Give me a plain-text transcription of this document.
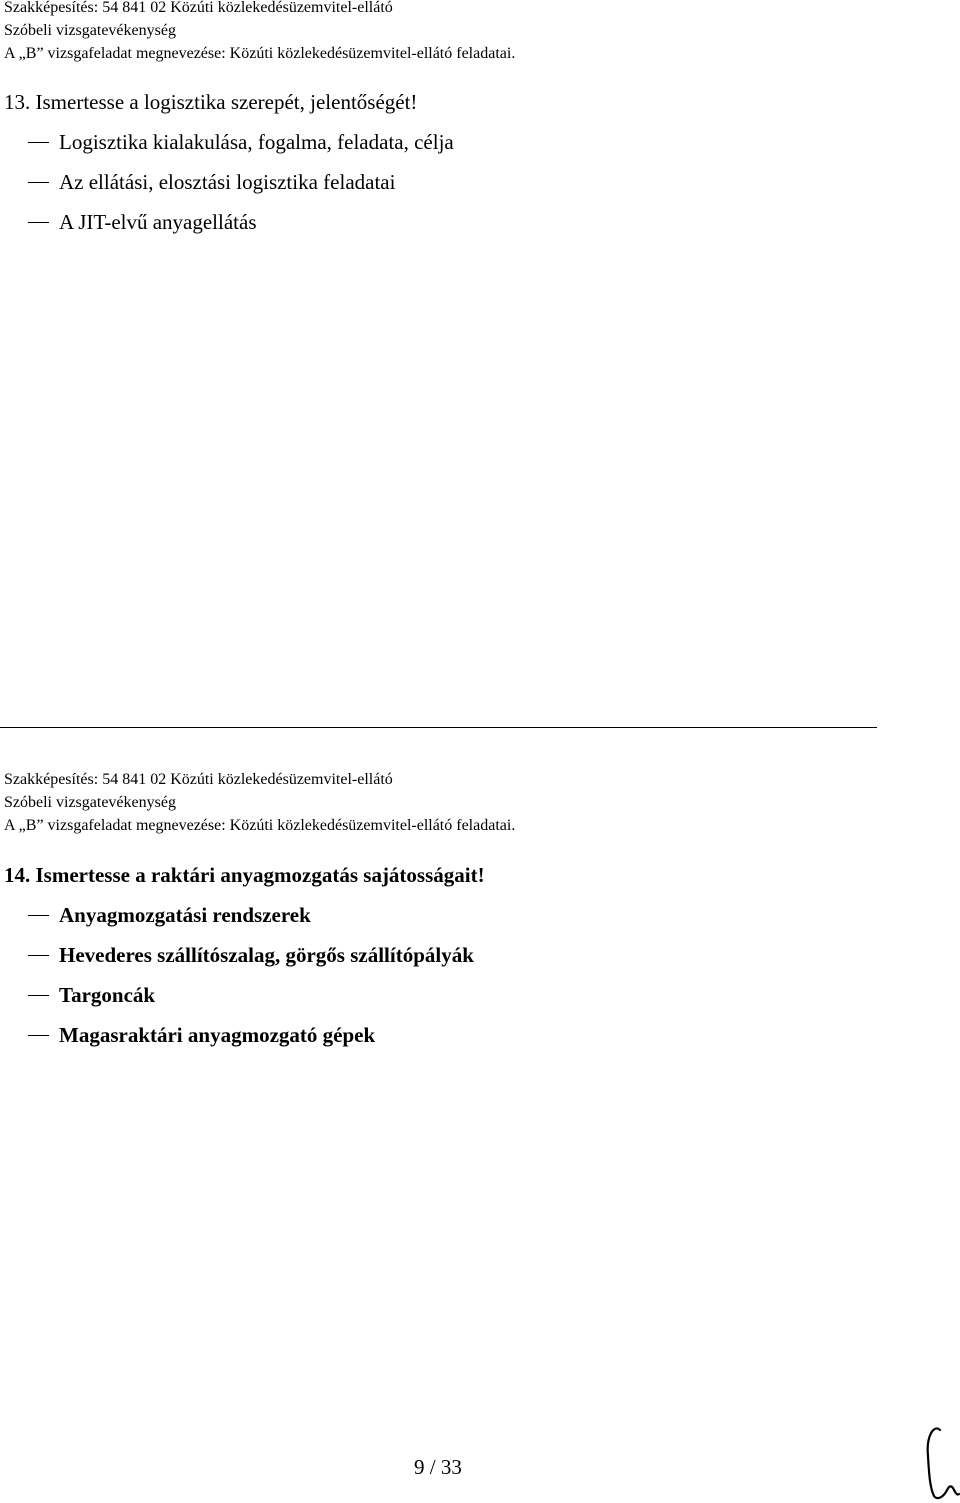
Szakképesítés: 54 841 02 Közúti közlekedésüzemvitel-ellátó
Szóbeli vizsgatevékenység
A „B” vizsgafeladat megnevezése: Közúti közlekedésüzemvitel-ellátó feladatai.
13. Ismertesse a logisztika szerepét, jelentőségét!
Logisztika kialakulása, fogalma, feladata, célja
Az ellátási, elosztási logisztika feladatai
A JIT-elvű anyagellátás
Szakképesítés: 54 841 02 Közúti közlekedésüzemvitel-ellátó
Szóbeli vizsgatevékenység
A „B” vizsgafeladat megnevezése: Közúti közlekedésüzemvitel-ellátó feladatai.
14. Ismertesse a raktári anyagmozgatás sajátosságait!
Anyagmozgatási rendszerek
Hevederes szállítószalag, görgős szállítópályák
Targoncák
Magasraktári anyagmozgató gépek
9 / 33
